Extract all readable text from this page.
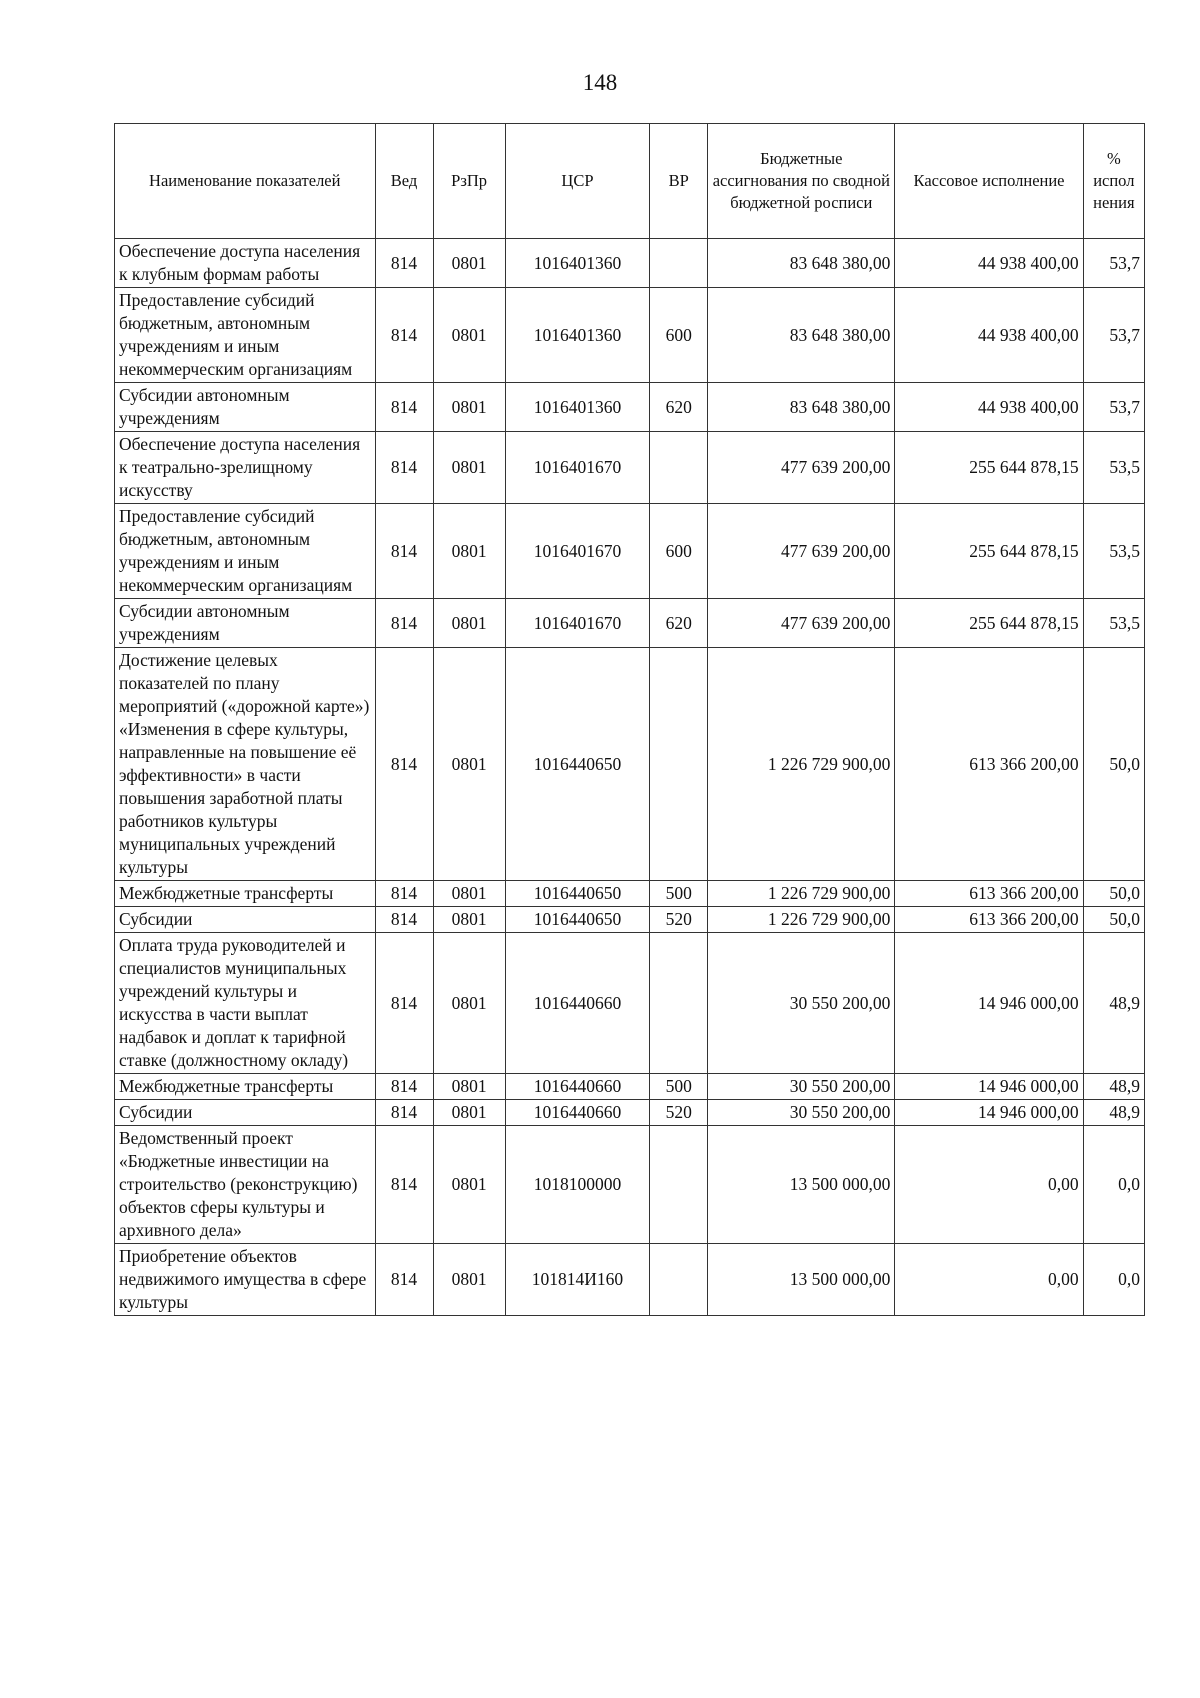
148
Наименование показателей	Вед	РзПр	ЦСР	ВР	Бюджетные ассигнования по сводной бюджетной росписи	Кассовое исполнение	% испол нения
Обеспечение доступа населения к клубным формам работы	814	0801	1016401360		83 648 380,00	44 938 400,00	53,7
Предоставление субсидий бюджетным, автономным учреждениям и иным некоммерческим организациям	814	0801	1016401360	600	83 648 380,00	44 938 400,00	53,7
Субсидии автономным учреждениям	814	0801	1016401360	620	83 648 380,00	44 938 400,00	53,7
Обеспечение доступа населения к театрально-зрелищному искусству	814	0801	1016401670		477 639 200,00	255 644 878,15	53,5
Предоставление субсидий бюджетным, автономным учреждениям и иным некоммерческим организациям	814	0801	1016401670	600	477 639 200,00	255 644 878,15	53,5
Субсидии автономным учреждениям	814	0801	1016401670	620	477 639 200,00	255 644 878,15	53,5
Достижение целевых показателей по плану мероприятий («дорожной карте») «Изменения в сфере культуры, направленные на повышение её эффективности» в части повышения заработной платы работников культуры муниципальных учреждений культуры	814	0801	1016440650		1 226 729 900,00	613 366 200,00	50,0
Межбюджетные трансферты	814	0801	1016440650	500	1 226 729 900,00	613 366 200,00	50,0
Субсидии	814	0801	1016440650	520	1 226 729 900,00	613 366 200,00	50,0
Оплата труда руководителей и специалистов муниципальных учреждений культуры и искусства в части выплат надбавок и доплат к тарифной ставке (должностному окладу)	814	0801	1016440660		30 550 200,00	14 946 000,00	48,9
Межбюджетные трансферты	814	0801	1016440660	500	30 550 200,00	14 946 000,00	48,9
Субсидии	814	0801	1016440660	520	30 550 200,00	14 946 000,00	48,9
Ведомственный проект «Бюджетные инвестиции на строительство (реконструкцию) объектов сферы культуры и архивного дела»	814	0801	1018100000		13 500 000,00	0,00	0,0
Приобретение объектов недвижимого имущества в сфере культуры	814	0801	101814И160		13 500 000,00	0,00	0,0
